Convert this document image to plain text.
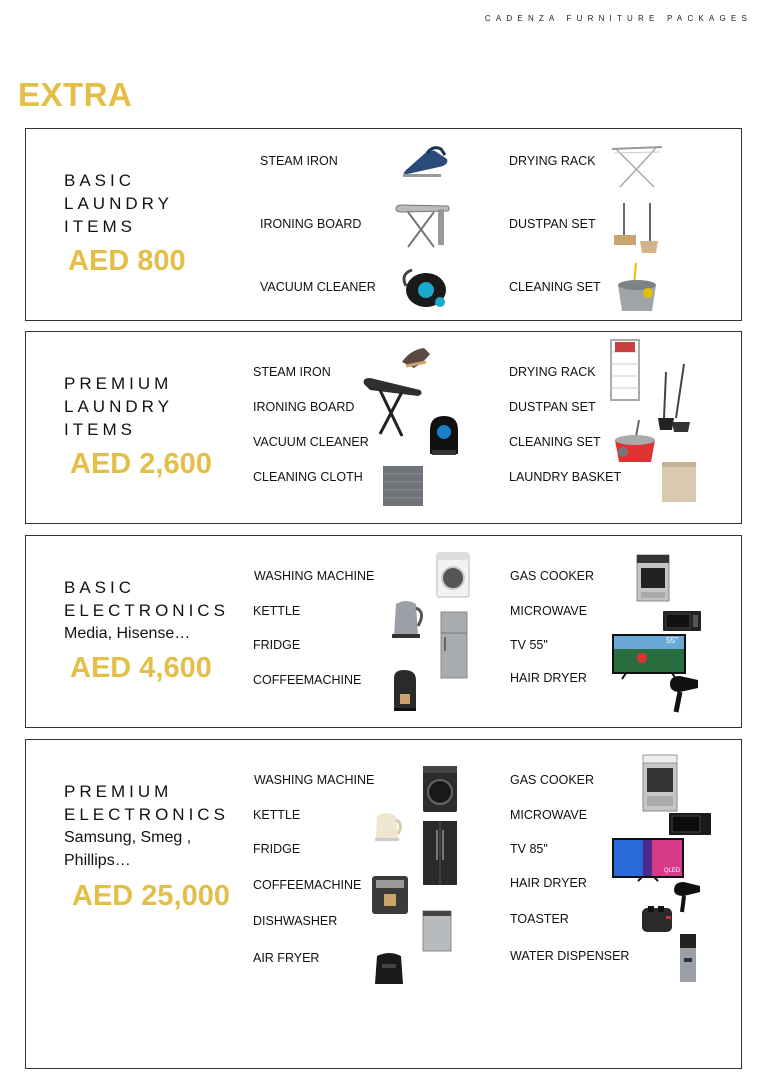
CADENZA FURNITURE PACKAGES
EXTRA
BASIC
LAUNDRY
ITEMS
AED 800
STEAM IRON
IRONING BOARD
VACUUM CLEANER
DRYING RACK
DUSTPAN SET
CLEANING SET
PREMIUM
LAUNDRY
ITEMS
AED 2,600
STEAM IRON
IRONING BOARD
VACUUM CLEANER
CLEANING CLOTH
DRYING RACK
DUSTPAN SET
CLEANING SET
LAUNDRY BASKET
BASIC
ELECTRONICS
Media, Hisense…
AED 4,600
WASHING MACHINE
KETTLE
FRIDGE
COFFEEMACHINE
GAS COOKER
MICROWAVE
TV 55"
HAIR DRYER
55"
PREMIUM
ELECTRONICS
Samsung, Smeg ,
Phillips…
AED 25,000
WASHING MACHINE
KETTLE
FRIDGE
COFFEEMACHINE
DISHWASHER
AIR FRYER
GAS COOKER
MICROWAVE
TV 85"
HAIR DRYER
TOASTER
WATER DISPENSER
QLED
